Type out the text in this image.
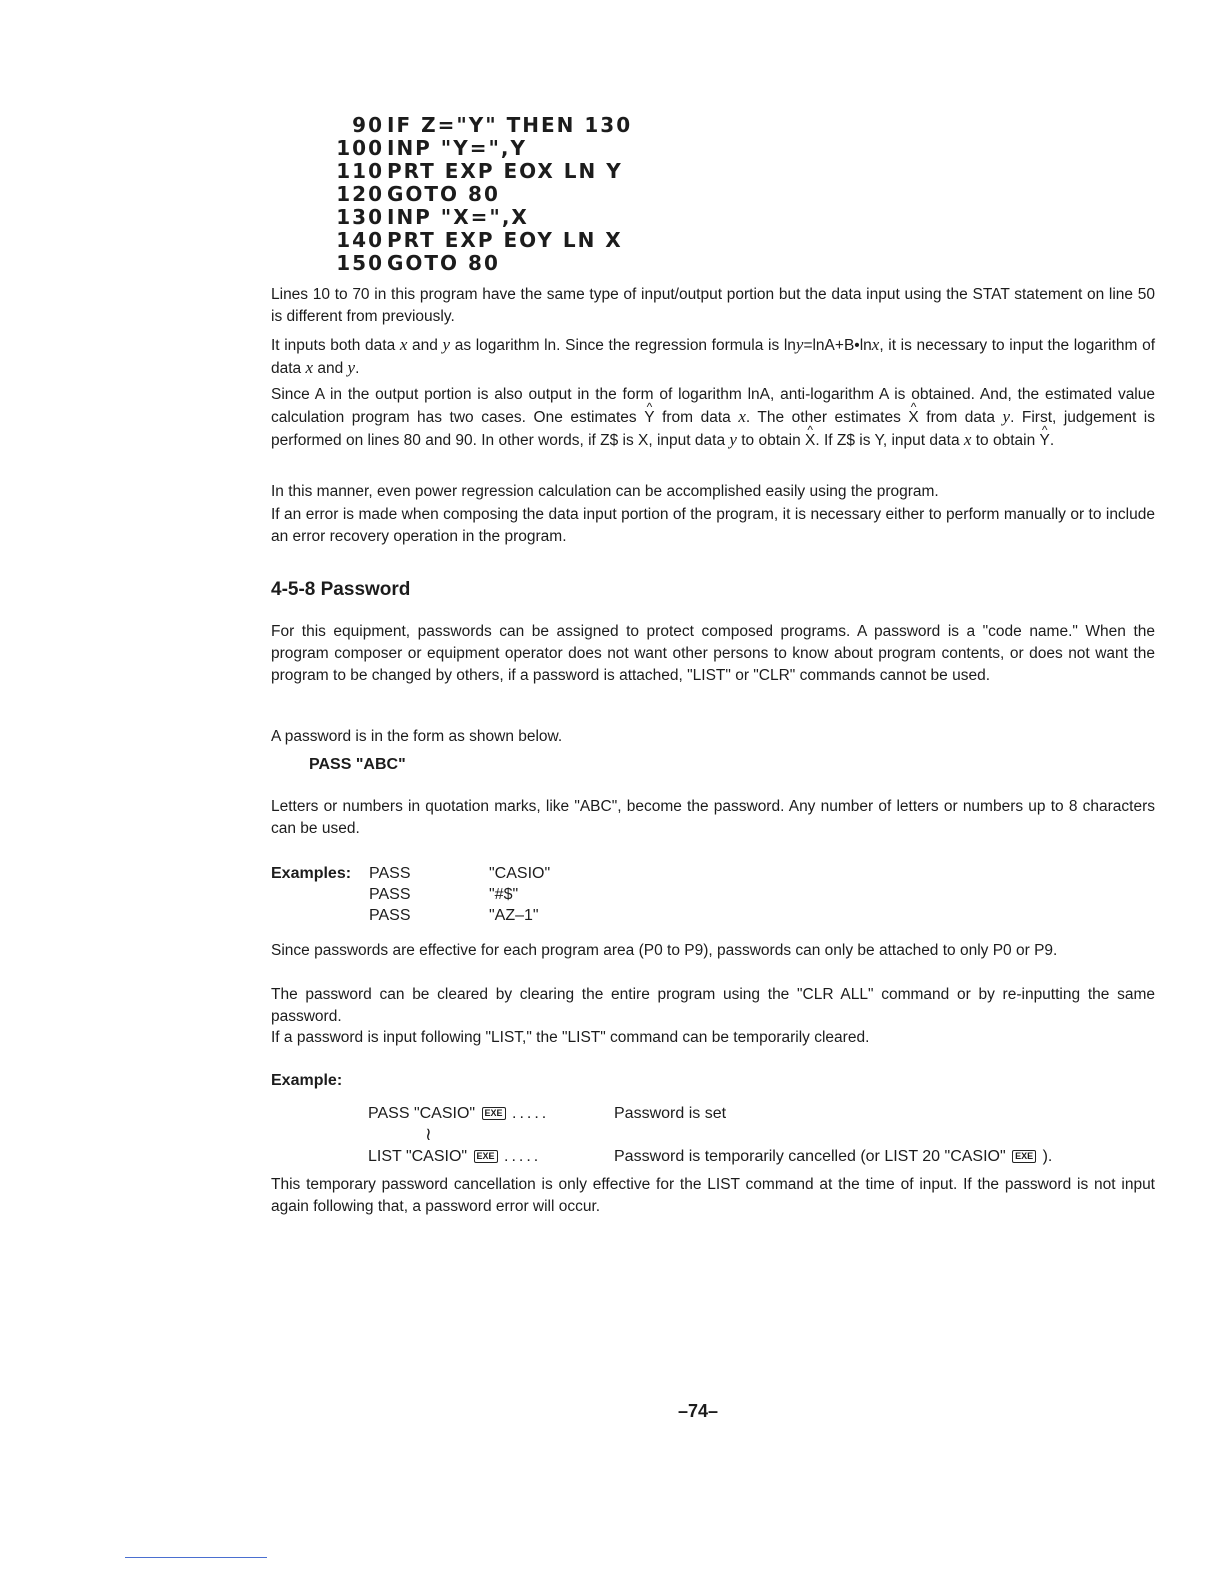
90 IF Z="Y" THEN 130
100 INP "Y=",Y
110 PRT EXP EOX LN Y
120 GOTO 80
130 INP "X=",X
140 PRT EXP EOY LN X
150 GOTO 80

Lines 10 to 70 in this program have the same type of input/output portion but the data input using the STAT statement on line 50 is different from previously.

It inputs both data x and y as logarithm ln. Since the regression formula is lny=lnA+B•lnx, it is necessary to input the logarithm of data x and y.

Since A in the output portion is also output in the form of logarithm lnA, anti-logarithm A is obtained. And, the estimated value calculation program has two cases. One estimates ^ Y from data x. The other estimates ^ X from data y. First, judgement is performed on lines 80 and 90. In other words, if Z$ is X, input data y to obtain ^ X. If Z$ is Y, input data x to obtain ^ Y.

In this manner, even power regression calculation can be accomplished easily using the program.

If an error is made when composing the data input portion of the program, it is necessary either to perform manually or to include an error recovery operation in the program.

4-5-8 Password

For this equipment, passwords can be assigned to protect composed programs. A password is a "code name." When the program composer or equipment operator does not want other persons to know about program contents, or does not want the program to be changed by others, if a password is attached, "LIST" or "CLR" commands cannot be used.

A password is in the form as shown below.

PASS "ABC"

Letters or numbers in quotation marks, like "ABC", become the password. Any number of letters or numbers up to 8 characters can be used.

Examples: PASS	"CASIO"
PASS	"#$"
PASS	"AZ–1"

Since passwords are effective for each program area (P0 to P9), passwords can only be attached to only P0 or P9.

The password can be cleared by clearing the entire program using the "CLR ALL" command or by re-inputting the same password.

If a password is input following "LIST," the "LIST" command can be temporarily cleared.

Example:
PASS "CASIO" EXE .....	Password is set
≀
LIST "CASIO" EXE .....	Password is temporarily cancelled (or LIST 20 "CASIO" EXE ).

This temporary password cancellation is only effective for the LIST command at the time of input. If the password is not input again following that, a password error will occur.

–74–
